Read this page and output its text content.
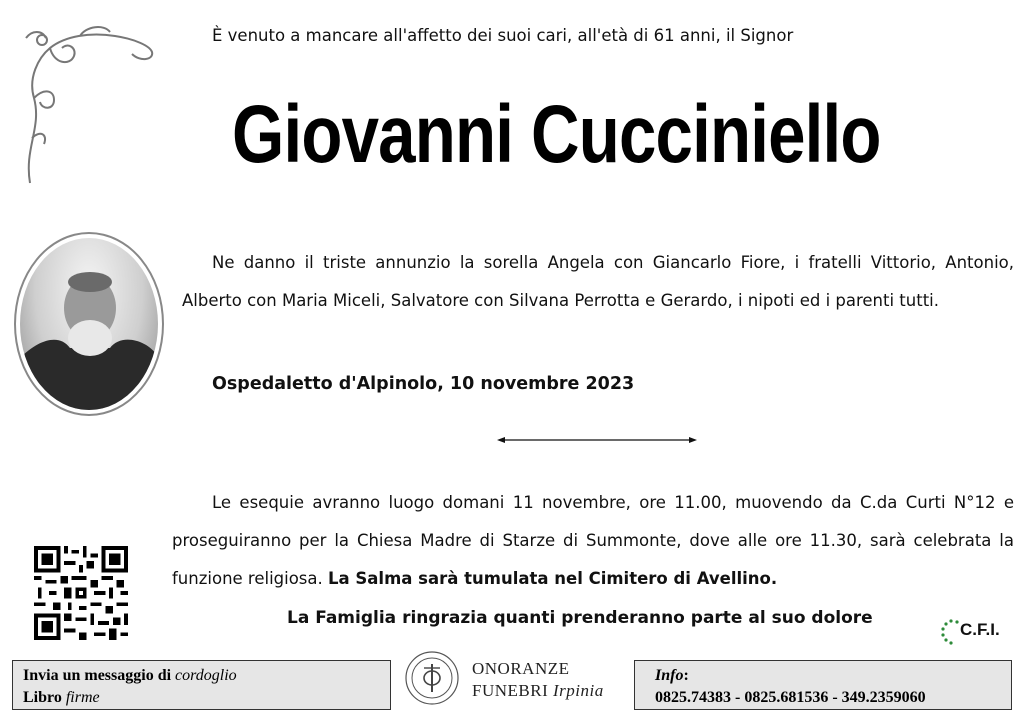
È venuto a mancare all'affetto dei suoi cari, all'età di 61 anni, il Signor
Giovanni Cucciniello
Ne danno il triste annunzio la sorella Angela con Giancarlo Fiore, i fratelli Vittorio, Antonio, Alberto con Maria Miceli, Salvatore con Silvana Perrotta e Gerardo, i nipoti ed i parenti tutti.
Ospedaletto d'Alpinolo, 10 novembre 2023
Le esequie avranno luogo domani 11 novembre, ore 11.00, muovendo da C.da Curti N°12 e proseguiranno per la Chiesa Madre di Starze di Summonte, dove alle ore 11.30, sarà celebrata la funzione religiosa. La Salma sarà tumulata nel Cimitero di Avellino.
La Famiglia ringrazia quanti prenderanno parte al suo dolore
C.F.I.
Invia un messaggio di cordoglio
Libro firme
ONORANZE
FUNEBRI Irpinia
Info:
0825.74383 - 0825.681536 - 349.2359060
